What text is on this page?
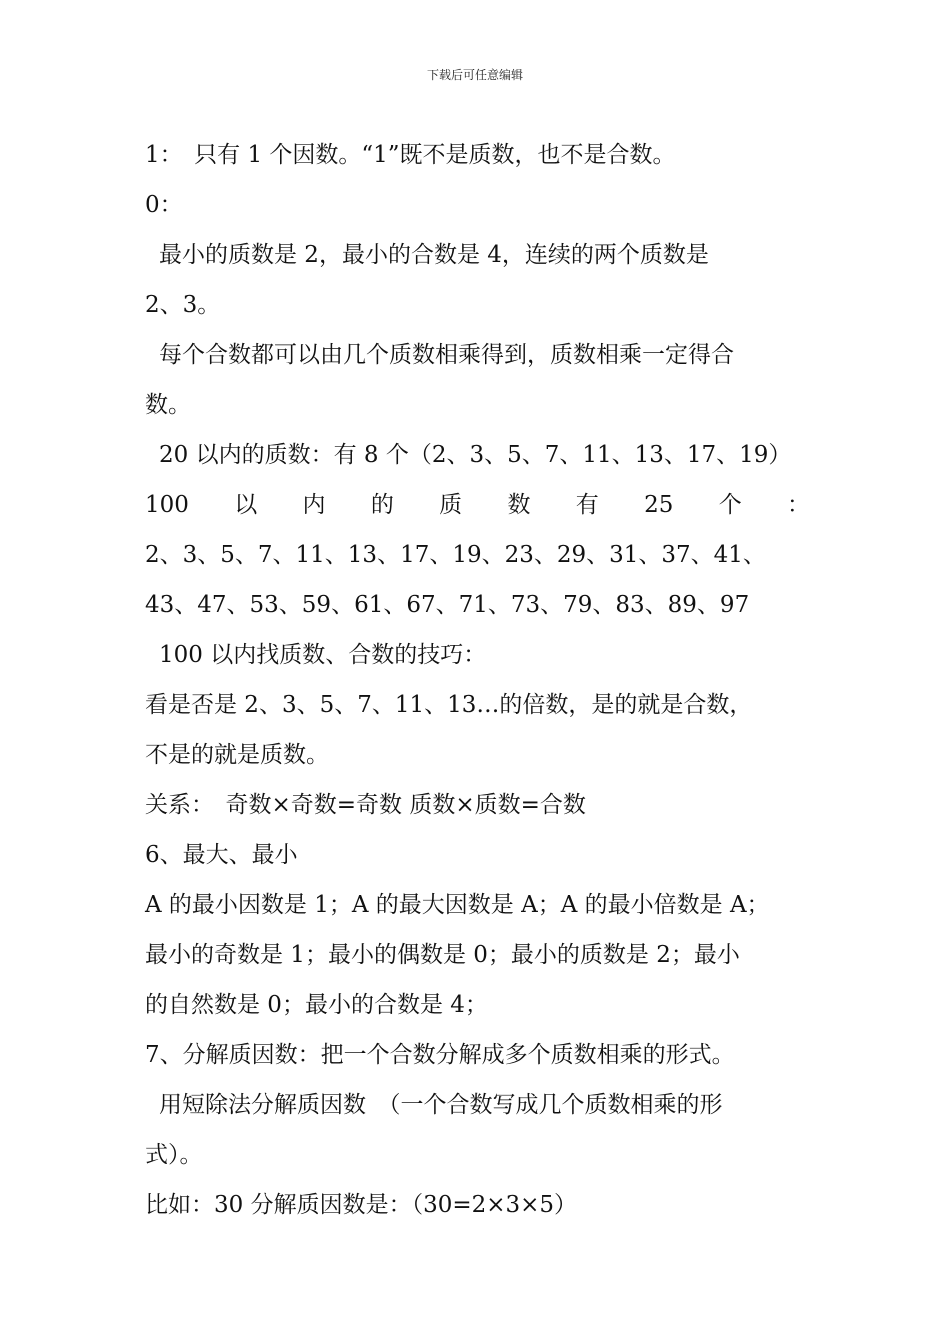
下载后可任意编辑
1：　只有 1 个因数。“1”既不是质数，也不是合数。
0：
最小的质数是 2，最小的合数是 4，连续的两个质数是
2、3。
每个合数都可以由几个质数相乘得到，质数相乘一定得合
数。
20 以内的质数：有 8 个（2、3、5、7、11、13、17、19）
100 以 内 的 质 数 有 25 个 ：
2、3、5、7、11、13、17、19、23、29、31、37、41、
43、47、53、59、61、67、71、73、79、83、89、97
100 以内找质数、合数的技巧：
看是否是 2、3、5、7、11、13…的倍数，是的就是合数，
不是的就是质数。
关系：　奇数×奇数=奇数 质数×质数=合数
6、最大、最小
A 的最小因数是 1；A 的最大因数是 A；A 的最小倍数是 A；
最小的奇数是 1；最小的偶数是 0；最小的质数是 2；最小
的自然数是 0；最小的合数是 4；
7、分解质因数：把一个合数分解成多个质数相乘的形式。
用短除法分解质因数　（一个合数写成几个质数相乘的形
式）。
比如：30 分解质因数是：（30=2×3×5）
